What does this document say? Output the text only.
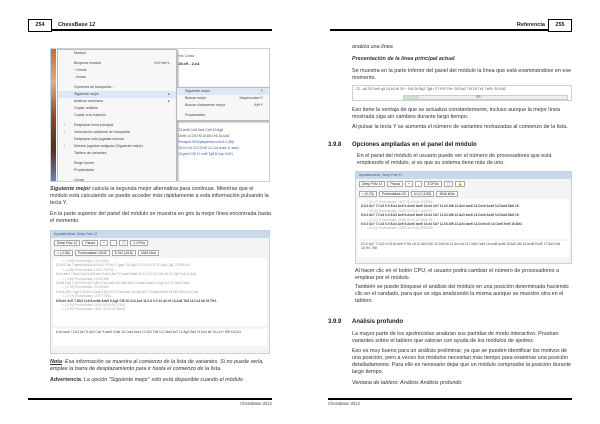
254	ChessBase 12
Info Cotiza
19.e5 - 2.c4
C3 Axf4 Cxf4 Dd4 Cxf4 10.Ag2
15 e6 14.Ch2 f6 15.Dh2 e6 16.Dd3
Principal 2005/playchess.com/1-0 (98)
15.0-0 h5 10.Cf3 e6 11.Cc4 Axe4 11.axe4
19.gxh4 Cf6 17.exf6 Tg8 8.Cap 01/01
Módulo
Bloquear módulo	Ctrl+Alt+L
+ líneas
- líneas
Opciones de búsqueda...
Siguiente mejor	▸
Analizar amenaza	▸
Copiar análisis
Copiar a la notación
✓ Desplazar línea principal
✓ Información adicional de búsqueda
Desplazar sólo jugadas nuevas
✓ Mostrar jugadas antiguas (Siguiente mejor)
Tablero de variantes
Elegir fuente
Propiedades
Cerrar
Siguiente mejor	Y
Buscar mejor	Mayúsculas+Y
Buscar claramente mejor	Alt+Y
Propiedades
Siguiente mejor calcula la segunda mejor alternativa para continuar. Mientras que el módulo está calculando se puede acceder más rápidamente a esta información pulsando la tecla Y.
En la parte superior del panel del módulo se muestra en gris la mejor línea encontrada hasta el momento.
Ayudado/Anal. Deep Fritz 12
Deep Fritz 12	Pausa	+	-	▢	2 CPUs
= (-0.56)	Profundidad=15/42	5.Ta2 (4/15)	4344 kN/s
= (-0.55) Profundidad: 15 214320
6.Dh3 Cc6 7.axb6 Axb6 8.Ac3 Ac7 9.Dxc7 Cgxe7 10.Ag2 0-0 11.0-0 f5 12.Cg4 Cg6 13.Dh3 Ac7
= (-0.56) Profundidad: 14/34 736766
6.e3 dxe3 7.fxe3 Cc6 8.Ab2 Ab4 9.Ac2 Ac7 10.axb6 Axb6 11.0-0 0-0 12.Cc3 e5 13.Cg5 Cc6 14.Ac3
= (-0.95) Profundidad: 16 301486
6.Ab3 Cc6 7.c3 Cf6 8.Af2 Cd6 9.Dc3 Ac6 10.Dxd5 Ac5 11.axb6 Axb6 12.Ag2 0-0 13.Tac1 Dxe2
= (-0.78) Profundidad: 20 332440
6.Dc3 Cf6 7.Ag2 Cc6 8.0-0 Ac6 9.d3 0-0 10.Dxd4 a6 11.Cg5 Ac7 12.axb6 Dxb6 13.Dh3 Dh4 14.Cxe4
= (-0.77) Profundidad: 18 9777846
6.Dxh+ Ad7 7.Dh3 Cc6 8.axb6 Axb6 9.Ag2 Cf6 10.Cc3 Ac5 11.0-0 0-0 12.d3 e5 13.Ad2 Tb8 14.Cc4 h6 15.Tfe1
= (-0.93) Profundidad: 15/26 00:00:05 17640
= (-0.96) Profundidad: 18/40 00:00:20 98446
6.c5 Axc5 7.Dc3 Ae7 8.Ab3 Cc6 9.Axb6 Cxb6 10.Cxd4 bxa3 11.Cb3 Tb8 12.Cfxa3 Ad7 13.Ag2 Da5 14.Dc4 a6 15.Cc1+ Rf8 16.Dc3
Nota: Esa información se muestra al comienzo de la lista de variantes. Si no puede verla, emplee la barra de desplazamiento para ir hasta el comienzo de la lista.
Advertencia: La opción "Siguiente mejor" sólo está disponible cuando el módulo
ChessBase 2012
Referencia	255
analiza una línea
Presentación de la línea principal actual
Se muestra en la parte inferior del panel del módulo la línea que está examinándose en ese momento.
22...a5 23.Txe5 g5 24.b3 f6 25.~ Tc8 26.Rg2 Tg8+ 27.Rf3 Tf4+ 28.Ra2 Tf5 29.Th1 Txf5+ 30.Rd2
9%
Eso tiene la ventaja de que se actualiza constantemente, incluso aunque la mejor línea mostrada siga sin cambios durante largo tiempo.
Al pulsar la tecla Y se aumenta el número de variantes rechazadas al comienzo de la lista.
3.9.8 Opciones ampliadas en el panel del módulo
En el panel del módulo el usuario puede ver el número de procesadores que está empleando el módulo, si es que su sistema tiene más de uno.
Ayudado/Anal. Deep Fritz 13
Deep Fritz 13	Pausa	+	-	3 CPUs	▢	🔒
= (0.23)	Profundidad=23	6.0-0 (1/25)	4946 kN/s
= (0.17) Profundidad: 18/37 00:00:06 2753984
6.0-0 Ae7 7.Cc3 0-0 8.b3 Ae6 9.Axe6 bxe6 10.d4 Cd7 11.h3 Af6 12.Ae3 axe6 13.Cxe6 Axe6 14.Dxd4 Db6 15.
= (0.20) Profundidad: 20/35 00:00:10 4291920
6.0-0 Ae7 7.Cc3 0-0 8.b3 Ae6 9.Axe6 bxe6 10.d4 Cd7 11.h3 Af6 12.Ae3 axe6 13.Cxe6 Axe6 14.Dxd4 Db6 15.
= (0.20) Profundidad: 21/38 00:00:15 5606748
6.0-0 Ae7 7.Cc3 0-0 8.b3 Ae6 9.Axe6 bxe6 10.d4 Cd7 11.h3 Af6 12.Ae3 axe6 13.Cxe6 c5 14.Cxe6 fxe6 15.Dd4
= (0.23) Profundidad: 23/38 00:00:18 5598848
6.0-0 Ae7 7.Cc3 0-0 8.b3 Ae6 9.Te1 c5 10.Ab3 Dd7 11.Dd3 h6 12.Ac3 c6 13.Cxd5 Cxd5 14.exd5 Axd5 15.Ad2 Af6 16.Axd5 Dxd5 17.Da4 Dc5 18.Te1 Td8
Al hacer clic en el botón CPU, el usuario podrá cambiar el número de procesadores a emplear por el módulo.
También se puede bloquear el análisis del módulo en una posición determinada haciendo clic en el candado, para que se siga analizando la misma aunque se muestre otra en el tablero.
3.9.9 Análisis profundo
La mayor parte de los ajedrecistas analizan sus partidas de modo interactivo. Prueban variantes sobre el tablero que valoran con ayuda de los módulos de ajedrez.
Eso es muy bueno para un análisis preliminar, ya que se pueden identificar los motivos de una posición, pero a veces los módulos necesitan más tiempo para examinar una posición detalladamente. Para ello es necesario dejar que un módulo compruebe la posición durante largo tiempo.
Ventana de tablero: Análisis Análisis profundo
ChessBase 2012
